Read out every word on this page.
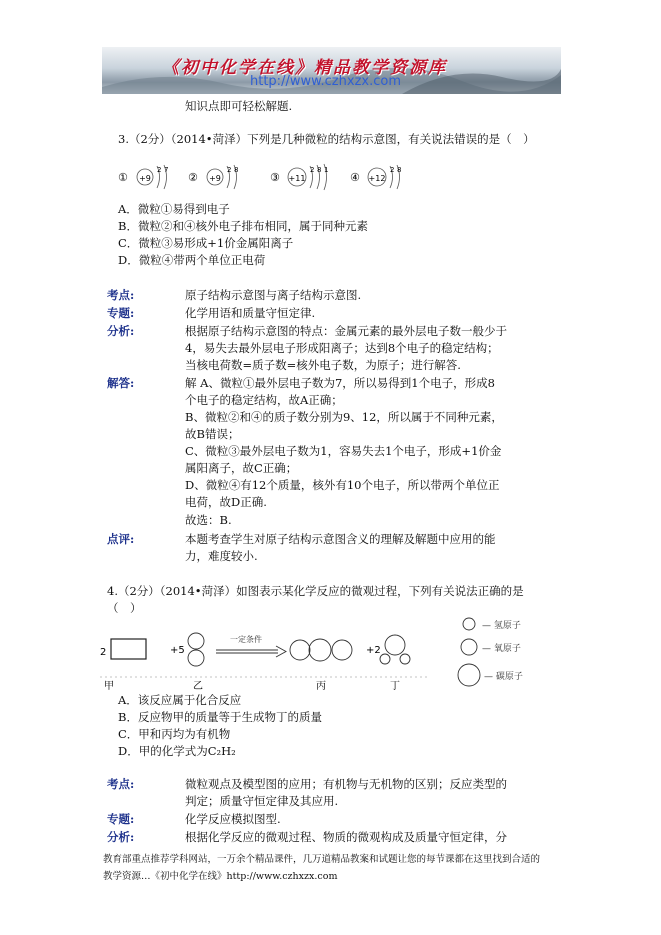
《初中化学在线》精品教学资源库
http://www.czhxzx.com
知识点即可轻松解题.
3.（2分）（2014•菏泽）下列是几种微粒的结构示意图，有关说法错误的是（　）
① +9
2 7
② +9
2 8
③ +11
2 8 1
④ +12
2 8
A．微粒①易得到电子
B．微粒②和④核外电子排布相同，属于同种元素
C．微粒③易形成+1价金属阳离子
D．微粒④带两个单位正电荷
考点:	原子结构示意图与离子结构示意图.
专题:	化学用语和质量守恒定律.
分析:	根据原子结构示意图的特点：金属元素的最外层电子数一般少于
4，易失去最外层电子形成阳离子；达到8个电子的稳定结构；
当核电荷数=质子数=核外电子数，为原子；进行解答.
解答:	解 A、微粒①最外层电子数为7，所以易得到1个电子，形成8
个电子的稳定结构，故A正确；
B、微粒②和④的质子数分别为9、12，所以属于不同种元素，
故B错误；
C、微粒③最外层电子数为1，容易失去1个电子，形成+1价金
属阳离子，故C正确；
D、微粒④有12个质量，核外有10个电子，所以带两个单位正
电荷，故D正确.
故选：B.
点评:	本题考查学生对原子结构示意图含义的理解及解题中应用的能
力，难度较小.
4.（2分）（2014•菏泽）如图表示某化学反应的微观过程，下列有关说法正确的是
（　）
2	+5
一定条件
+2
甲	乙	丙	丁
— 氢原子
— 氧原子
— 碳原子
A．该反应属于化合反应
B．反应物甲的质量等于生成物丁的质量
C．甲和丙均为有机物
D．甲的化学式为C₂H₂
考点:	微粒观点及模型图的应用；有机物与无机物的区别；反应类型的
判定；质量守恒定律及其应用.
专题:	化学反应模拟图型.
分析:	根据化学反应的微观过程、物质的微观构成及质量守恒定律，分
教育部重点推荐学科网站，一万余个精品课件，几万道精品教案和试题让您的每节课都在这里找到合适的
教学资源…《初中化学在线》http://www.czhxzx.com
